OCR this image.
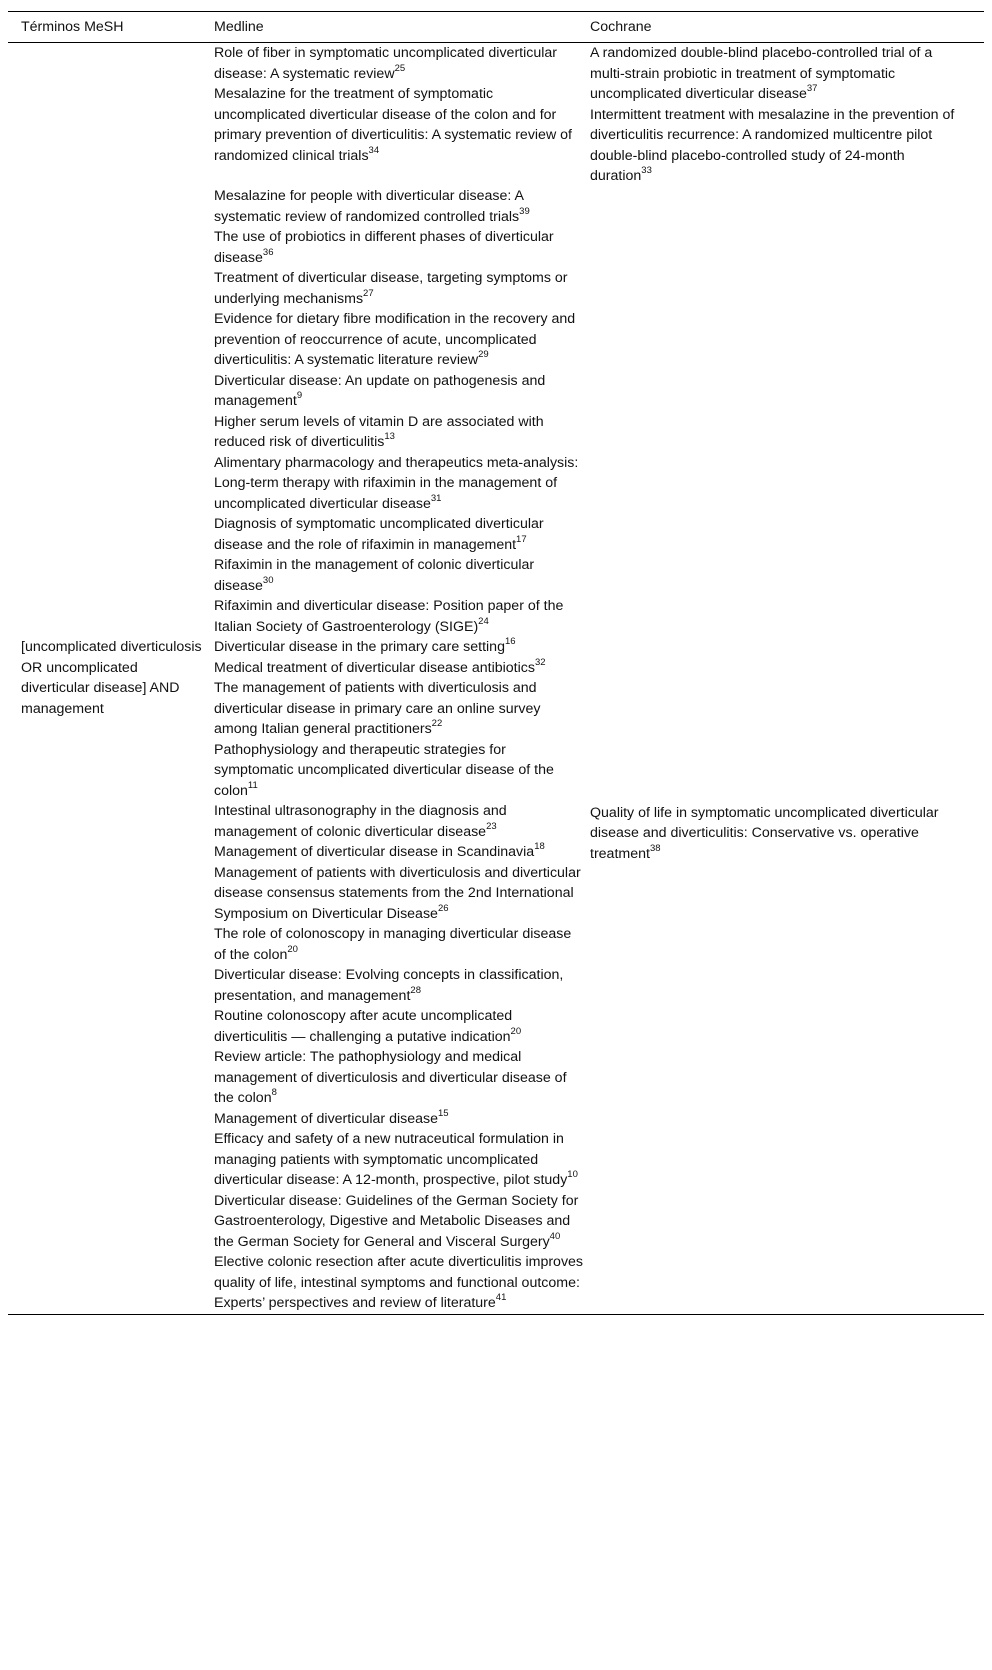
Términos MeSH	Medline	Cochrane
[uncomplicated diverticulosis OR uncomplicated diverticular disease] AND management
Role of fiber in symptomatic uncomplicated diverticular disease: A systematic review$^{25}$
Mesalazine for the treatment of symptomatic uncomplicated diverticular disease of the colon and for primary prevention of diverticulitis: A systematic review of randomized clinical trials$^{34}$
Mesalazine for people with diverticular disease: A systematic review of randomized controlled trials$^{39}$
The use of probiotics in different phases of diverticular disease$^{36}$
Treatment of diverticular disease, targeting symptoms or underlying mechanisms$^{27}$
Evidence for dietary fibre modification in the recovery and prevention of reoccurrence of acute, uncomplicated diverticulitis: A systematic literature review$^{29}$
Diverticular disease: An update on pathogenesis and management$^9$
Higher serum levels of vitamin D are associated with reduced risk of diverticulitis$^{13}$
Alimentary pharmacology and therapeutics meta-analysis: Long-term therapy with rifaximin in the management of uncomplicated diverticular disease$^{31}$
Diagnosis of symptomatic uncomplicated diverticular disease and the role of rifaximin in management$^{17}$
Rifaximin in the management of colonic diverticular disease$^{30}$
Rifaximin and diverticular disease: Position paper of the Italian Society of Gastroenterology (SIGE)$^{24}$
Diverticular disease in the primary care setting$^{16}$
Medical treatment of diverticular disease antibiotics$^{32}$
The management of patients with diverticulosis and diverticular disease in primary care an online survey among Italian general practitioners$^{22}$
Pathophysiology and therapeutic strategies for symptomatic uncomplicated diverticular disease of the colon$^{11}$
Intestinal ultrasonography in the diagnosis and management of colonic diverticular disease$^{23}$
Management of diverticular disease in Scandinavia$^{18}$
Management of patients with diverticulosis and diverticular disease consensus statements from the 2nd International Symposium on Diverticular Disease$^{26}$
The role of colonoscopy in managing diverticular disease of the colon$^{20}$
Diverticular disease: Evolving concepts in classification, presentation, and management$^{28}$
Routine colonoscopy after acute uncomplicated diverticulitis — challenging a putative indication$^{20}$
Review article: The pathophysiology and medical management of diverticulosis and diverticular disease of the colon$^8$
Management of diverticular disease$^{15}$
Efficacy and safety of a new nutraceutical formulation in managing patients with symptomatic uncomplicated diverticular disease: A 12-month, prospective, pilot study$^{10}$
Diverticular disease: Guidelines of the German Society for Gastroenterology, Digestive and Metabolic Diseases and the German Society for General and Visceral Surgery$^{40}$
Elective colonic resection after acute diverticulitis improves quality of life, intestinal symptoms and functional outcome: Experts’ perspectives and review of literature$^{41}$
A randomized double-blind placebo-controlled trial of a multi-strain probiotic in treatment of symptomatic uncomplicated diverticular disease$^{37}$
Intermittent treatment with mesalazine in the prevention of diverticulitis recurrence: A randomized multicentre pilot double-blind placebo-controlled study of 24-month duration$^{33}$
Quality of life in symptomatic uncomplicated diverticular disease and diverticulitis: Conservative vs. operative treatment$^{38}$
